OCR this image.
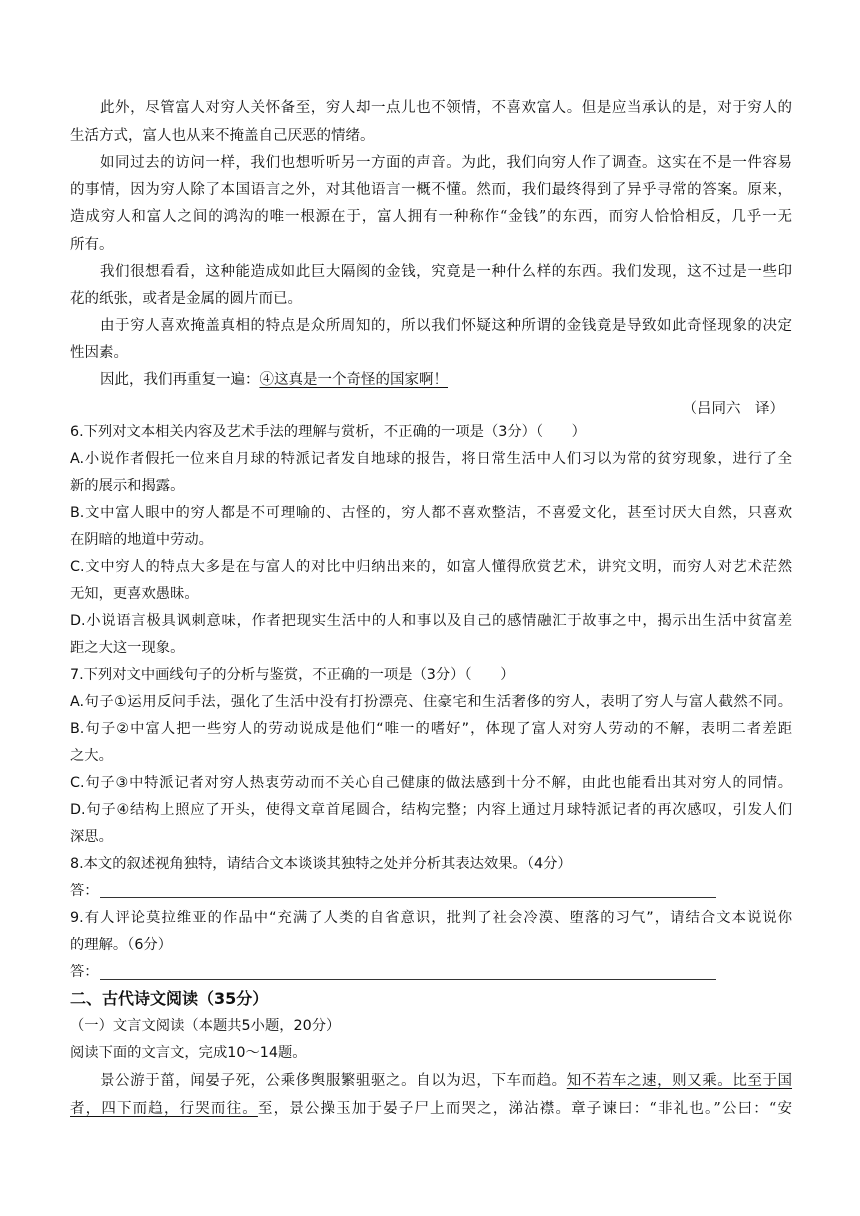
此外，尽管富人对穷人关怀备至，穷人却一点儿也不领情，不喜欢富人。但是应当承认的是，对于穷人的
生活方式，富人也从来不掩盖自己厌恶的情绪。
如同过去的访问一样，我们也想听听另一方面的声音。为此，我们向穷人作了调查。这实在不是一件容易
的事情，因为穷人除了本国语言之外，对其他语言一概不懂。然而，我们最终得到了异乎寻常的答案。原来，
造成穷人和富人之间的鸿沟的唯一根源在于，富人拥有一种称作“金钱”的东西，而穷人恰恰相反，几乎一无
所有。
我们很想看看，这种能造成如此巨大隔阂的金钱，究竟是一种什么样的东西。我们发现，这不过是一些印
花的纸张，或者是金属的圆片而已。
由于穷人喜欢掩盖真相的特点是众所周知的，所以我们怀疑这种所谓的金钱竟是导致如此奇怪现象的决定
性因素。
因此，我们再重复一遍：④这真是一个奇怪的国家啊！
（吕同六　译）
6.下列对文本相关内容及艺术手法的理解与赏析，不正确的一项是（3分）（　　）
A.小说作者假托一位来自月球的特派记者发自地球的报告，将日常生活中人们习以为常的贫穷现象，进行了全
新的展示和揭露。
B.文中富人眼中的穷人都是不可理喻的、古怪的，穷人都不喜欢整洁，不喜爱文化，甚至讨厌大自然，只喜欢
在阴暗的地道中劳动。
C.文中穷人的特点大多是在与富人的对比中归纳出来的，如富人懂得欣赏艺术，讲究文明，而穷人对艺术茫然
无知，更喜欢愚昧。
D.小说语言极具讽刺意味，作者把现实生活中的人和事以及自己的感情融汇于故事之中，揭示出生活中贫富差
距之大这一现象。
7.下列对文中画线句子的分析与鉴赏，不正确的一项是（3分）（　　）
A.句子①运用反问手法，强化了生活中没有打扮漂亮、住豪宅和生活奢侈的穷人，表明了穷人与富人截然不同。
B.句子②中富人把一些穷人的劳动说成是他们“唯一的嗜好”，体现了富人对穷人劳动的不解，表明二者差距
之大。
C.句子③中特派记者对穷人热衷劳动而不关心自己健康的做法感到十分不解，由此也能看出其对穷人的同情。
D.句子④结构上照应了开头，使得文章首尾圆合，结构完整；内容上通过月球特派记者的再次感叹，引发人们
深思。
8.本文的叙述视角独特，请结合文本谈谈其独特之处并分析其表达效果。（4分）
答：
9.有人评论莫拉维亚的作品中“充满了人类的自省意识，批判了社会冷漠、堕落的习气”，请结合文本说说你
的理解。（6分）
答：
二、古代诗文阅读（35分）
（一）文言文阅读（本题共5小题，20分）
阅读下面的文言文，完成10～14题。
景公游于菑，闻晏子死，公乘侈舆服繁驵驱之。自以为迟，下车而趋。知不若车之速，则又乘。比至于国
者，四下而趋，行哭而往。至，景公操玉加于晏子尸上而哭之，涕沾襟。章子谏曰：“非礼也。”公曰：“安
